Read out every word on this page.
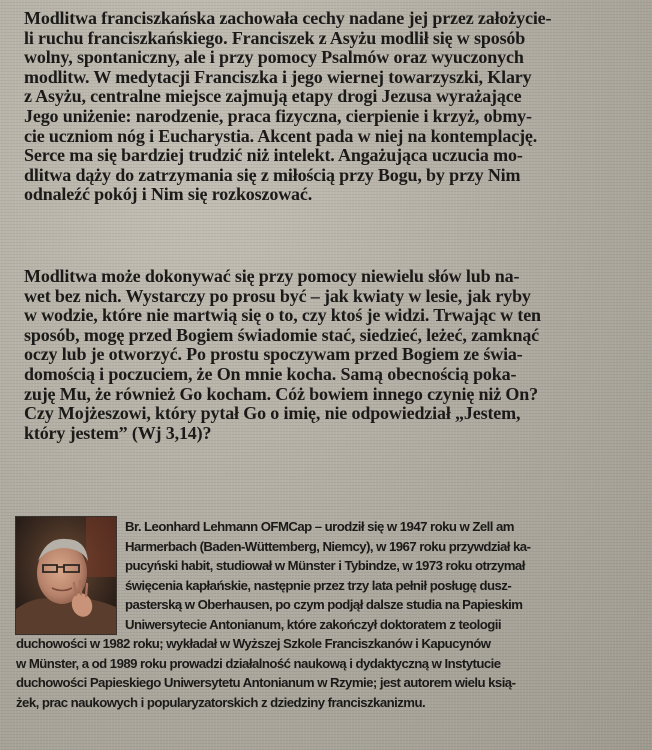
Modlitwa franciszkańska zachowała cechy nadane jej przez założycie-
li ruchu franciszkańskiego. Franciszek z Asyżu modlił się w sposób
wolny, spontaniczny, ale i przy pomocy Psalmów oraz wyuczonych
modlitw. W medytacji Franciszka i jego wiernej towarzyszki, Klary
z Asyżu, centralne miejsce zajmują etapy drogi Jezusa wyrażające
Jego uniżenie: narodzenie, praca fizyczna, cierpienie i krzyż, obmy-
cie uczniom nóg i Eucharystia. Akcent pada w niej na kontemplację.
Serce ma się bardziej trudzić niż intelekt. Angażująca uczucia mo-
dlitwa dąży do zatrzymania się z miłością przy Bogu, by przy Nim
odnaleźć pokój i Nim się rozkoszować.

Modlitwa może dokonywać się przy pomocy niewielu słów lub na-
wet bez nich. Wystarczy po prosu być – jak kwiaty w lesie, jak ryby
w wodzie, które nie martwią się o to, czy ktoś je widzi. Trwając w ten
sposób, mogę przed Bogiem świadomie stać, siedzieć, leżeć, zamknąć
oczy lub je otworzyć. Po prostu spoczywam przed Bogiem ze świa-
domością i poczuciem, że On mnie kocha. Samą obecnością poka-
zuję Mu, że również Go kocham. Cóż bowiem innego czynię niż On?
Czy Mojżeszowi, który pytał Go o imię, nie odpowiedział „Jestem,
który jestem” (Wj 3,14)?

Br. Leonhard Lehmann OFMCap – urodził się w 1947 roku w Zell am
Harmerbach (Baden-Wüttemberg, Niemcy), w 1967 roku przywdział ka-
pucyński habit, studiował w Münster i Tybindze, w 1973 roku otrzymał
święcenia kapłańskie, następnie przez trzy lata pełnił posługę dusz-
pasterską w Oberhausen, po czym podjął dalsze studia na Papieskim
Uniwersytecie Antonianum, które zakończył doktoratem z teologii
duchowości w 1982 roku; wykładał w Wyższej Szkole Franciszkanów i Kapucynów
w Münster, a od 1989 roku prowadzi działalność naukową i dydaktyczną w Instytucie
duchowości Papieskiego Uniwersytetu Antonianum w Rzymie; jest autorem wielu ksią-
żek, prac naukowych i popularyzatorskich z dziedziny franciszkanizmu.
